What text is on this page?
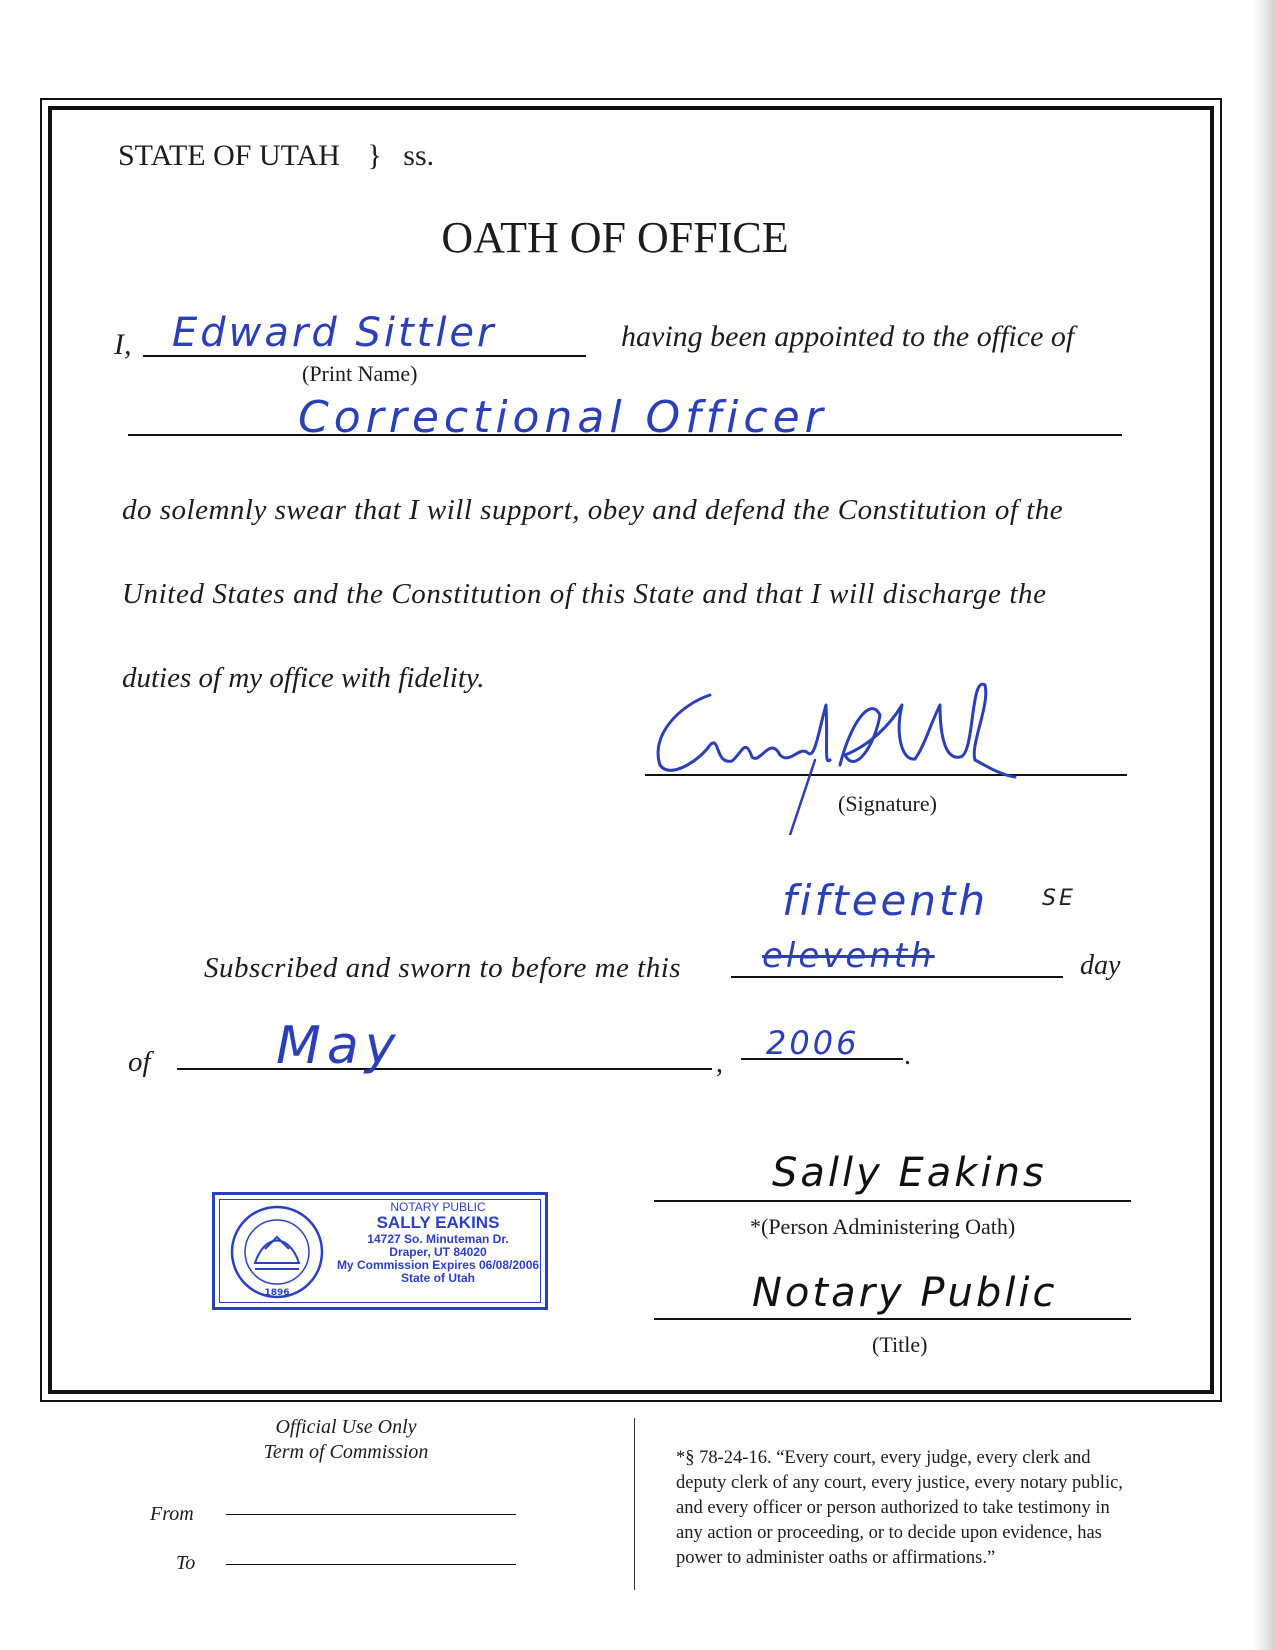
STATE OF UTAH } ss.
OATH OF OFFICE
I, Edward Sittler	having been appointed to the office of
(Print Name)
Correctional Officer
do solemnly swear that I will support, obey and defend the Constitution of the
United States and the Constitution of this State and that I will discharge the
duties of my office with fidelity.
(Signature)
Subscribed and sworn to before me this eleventh
fifteenth SE
day
of May	,
2006 .
1896
NOTARY PUBLIC
SALLY EAKINS
14727 So. Minuteman Dr.
Draper, UT 84020
My Commission Expires 06/08/2006
State of Utah
Sally Eakins
*(Person Administering Oath)
Notary Public
(Title)
Official Use Only
Term of Commission
From
To
*§ 78-24-16. “Every court, every judge, every clerk and
deputy clerk of any court, every justice, every notary public,
and every officer or person authorized to take testimony in
any action or proceeding, or to decide upon evidence, has
power to administer oaths or affirmations.”
